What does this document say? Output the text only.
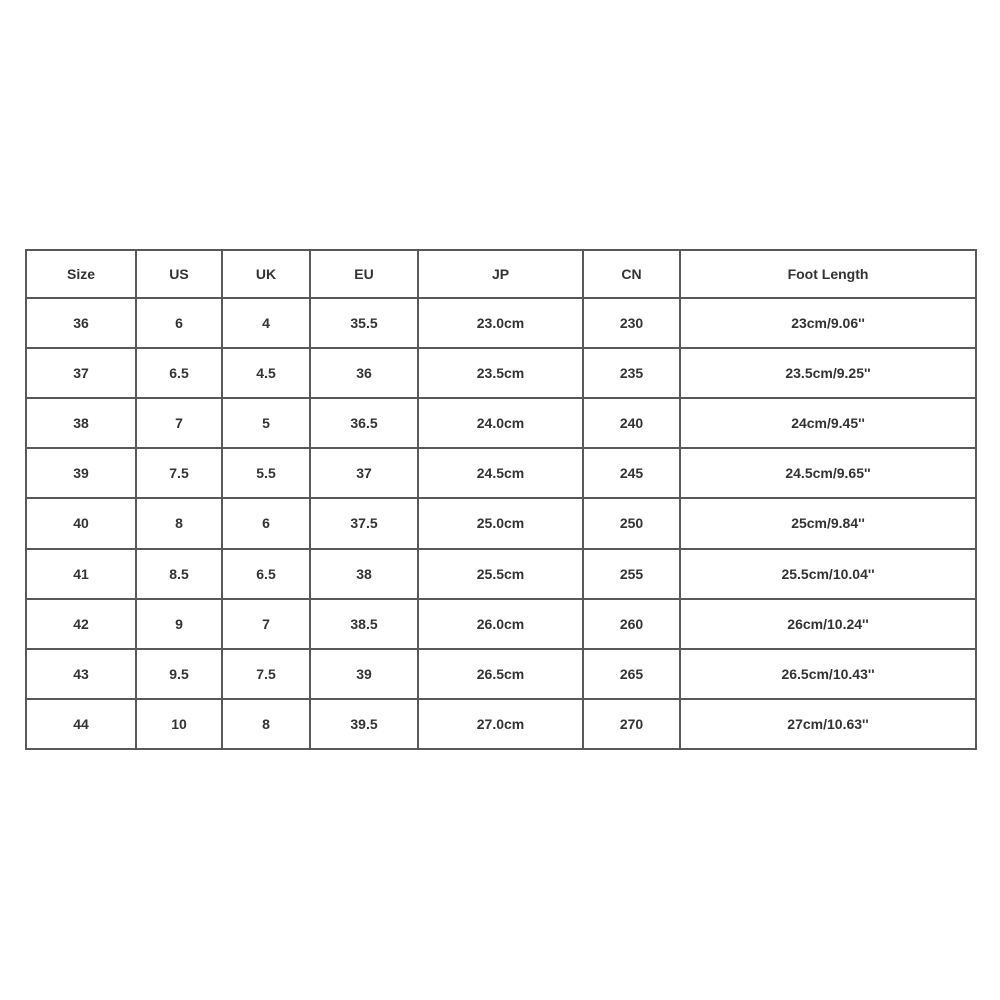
Size	US	UK	EU	JP	CN	Foot Length
36	6	4	35.5	23.0cm	230	23cm/9.06''
37	6.5	4.5	36	23.5cm	235	23.5cm/9.25''
38	7	5	36.5	24.0cm	240	24cm/9.45''
39	7.5	5.5	37	24.5cm	245	24.5cm/9.65''
40	8	6	37.5	25.0cm	250	25cm/9.84''
41	8.5	6.5	38	25.5cm	255	25.5cm/10.04''
42	9	7	38.5	26.0cm	260	26cm/10.24''
43	9.5	7.5	39	26.5cm	265	26.5cm/10.43''
44	10	8	39.5	27.0cm	270	27cm/10.63''
